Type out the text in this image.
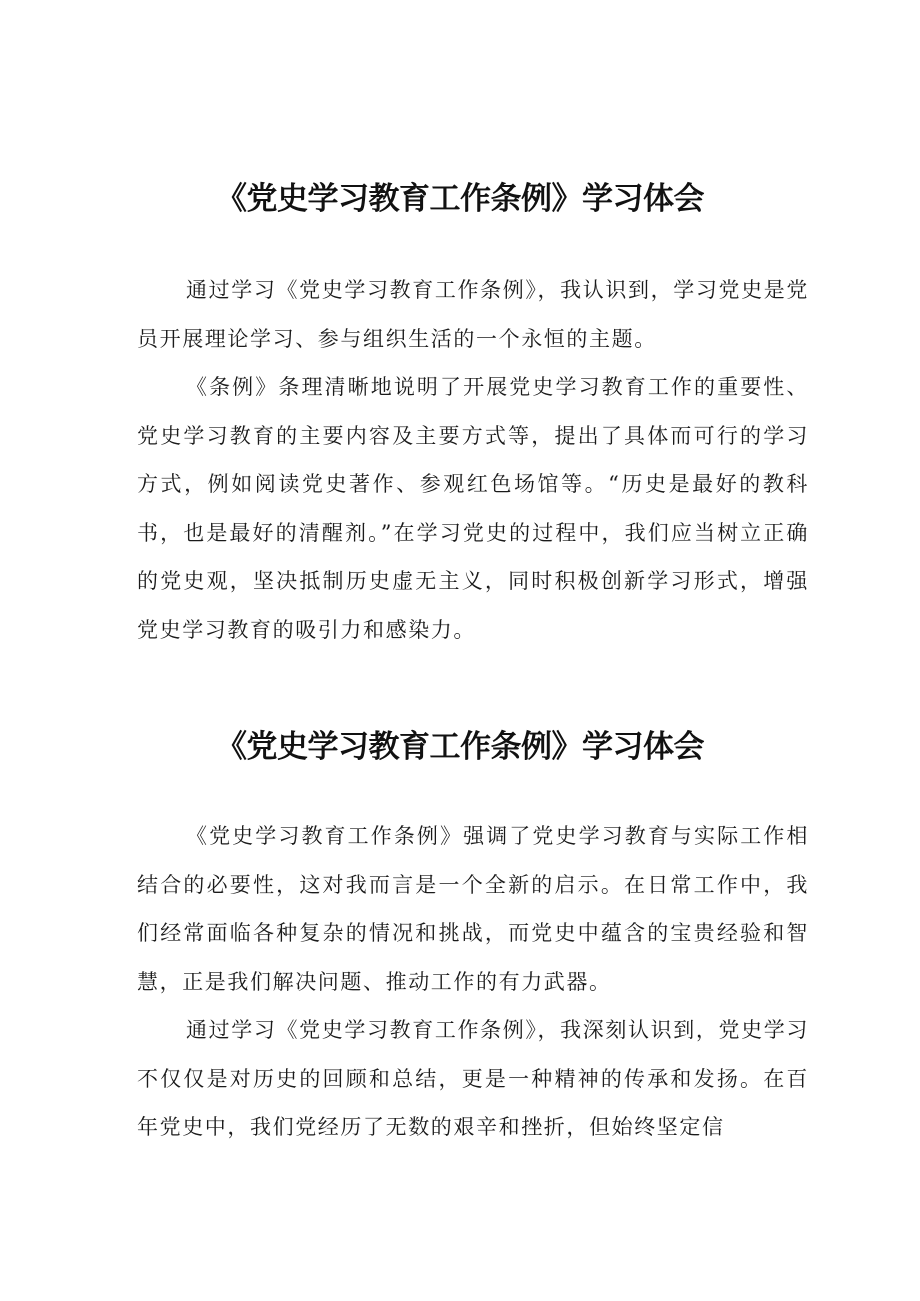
《党史学习教育工作条例》学习体会

通过学习《党史学习教育工作条例》，我认识到，学习党史是党员开展理论学习、参与组织生活的一个永恒的主题。

《条例》条理清晰地说明了开展党史学习教育工作的重要性、党史学习教育的主要内容及主要方式等，提出了具体而可行的学习方式，例如阅读党史著作、参观红色场馆等。“历史是最好的教科书，也是最好的清醒剂。”在学习党史的过程中，我们应当树立正确的党史观，坚决抵制历史虚无主义，同时积极创新学习形式，增强党史学习教育的吸引力和感染力。

《党史学习教育工作条例》学习体会

《党史学习教育工作条例》强调了党史学习教育与实际工作相结合的必要性，这对我而言是一个全新的启示。在日常工作中，我们经常面临各种复杂的情况和挑战，而党史中蕴含的宝贵经验和智慧，正是我们解决问题、推动工作的有力武器。

通过学习《党史学习教育工作条例》，我深刻认识到，党史学习不仅仅是对历史的回顾和总结，更是一种精神的传承和发扬。在百年党史中，我们党经历了无数的艰辛和挫折，但始终坚定信
